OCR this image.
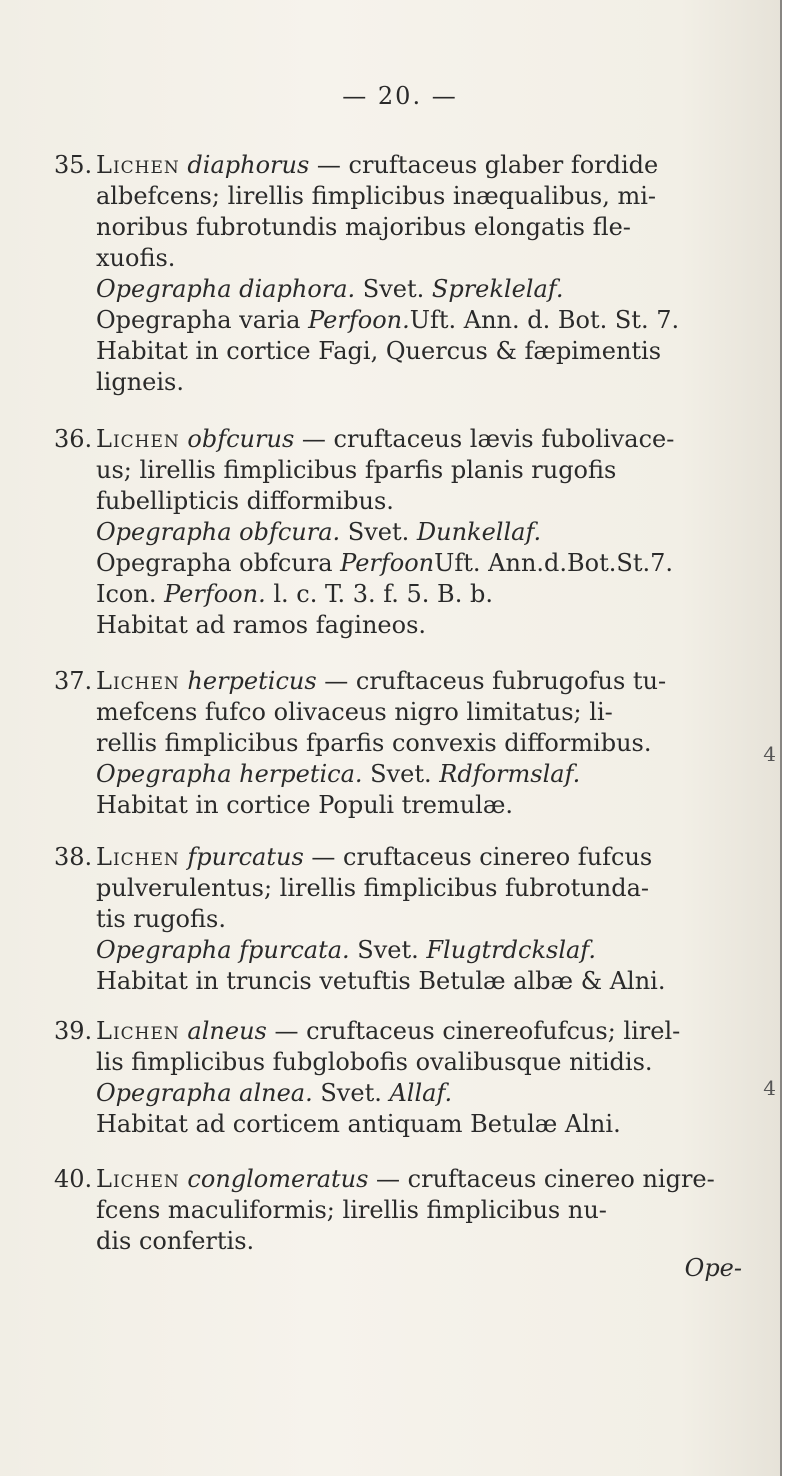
— 20. —
35. Lichen diaphorus — cruftaceus glaber fordide
albefcens; lirellis fimplicibus inæqualibus, mi-
noribus fubrotundis majoribus elongatis fle-
xuofis.
Opegrapha diaphora. Svet. Spreklelaf.
Opegrapha varia Perfoon.Uft. Ann. d. Bot. St. 7.
Habitat in cortice Fagi, Quercus & fæpimentis
ligneis.
36. Lichen obfcurus — cruftaceus lævis fubolivace-
us; lirellis fimplicibus fparfis planis rugofis
fubellipticis difformibus.
Opegrapha obfcura. Svet. Dunkellaf.
Opegrapha obfcura PerfoonUft. Ann.d.Bot.St.7.
Icon. Perfoon. l. c. T. 3. f. 5. B. b.
Habitat ad ramos fagineos.
37. Lichen herpeticus — cruftaceus fubrugofus tu-
mefcens fufco olivaceus nigro limitatus; li-
rellis fimplicibus fparfis convexis difformibus.
Opegrapha herpetica. Svet. Rdformslaf.
Habitat in cortice Populi tremulæ.
38. Lichen fpurcatus — cruftaceus cinereo fufcus
pulverulentus; lirellis fimplicibus fubrotunda-
tis rugofis.
Opegrapha fpurcata. Svet. Flugtrdckslaf.
Habitat in truncis vetuftis Betulæ albæ & Alni.
39. Lichen alneus — cruftaceus cinereofufcus; lirel-
lis fimplicibus fubglobofis ovalibusque nitidis.
Opegrapha alnea. Svet. Allaf.
Habitat ad corticem antiquam Betulæ Alni.
40. Lichen conglomeratus — cruftaceus cinereo nigre-
fcens maculiformis; lirellis fimplicibus nu-
dis confertis.
Ope-
4
4
